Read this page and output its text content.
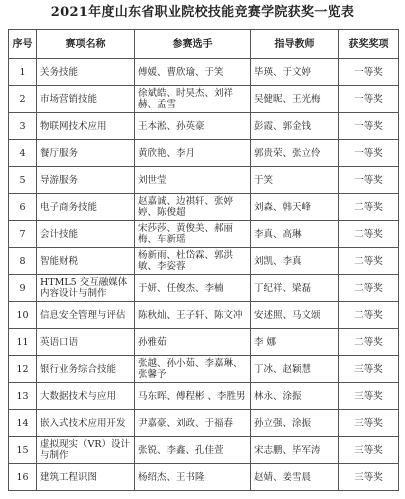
2021年度山东省职业院校技能竞赛学院获奖一览表
序号	赛项名称	参赛选手	指导教师	获奖奖项
1	关务技能	傅媛、曹欣瑜、于笑	毕瑛、于文婷	一等奖
2	市场营销技能	徐斌皓、时昊杰、刘祥赫、孟雪	吴健昵、王光梅	一等奖
3	物联网技术应用	王本淞、孙英豪	彭霞、郭金钱	一等奖
4	餐厅服务	黄欣艳、李月	郭贵荣、张立伶	一等奖
5	导游服务	刘世莹	于笑	一等奖
6	电子商务技能	赵嘉诚、边祺轩、张婷婷、陈俊超	刘森、韩天峰	二等奖
7	会计技能	宋莎莎、黄俊美、郝丽梅、车新瑶	李真、高琳	二等奖
8	智能财税	杨新雨、杜岱霖、郭洪敏、李姿蓉	刘凯、李真	二等奖
9	HTML5 交互融媒体内容设计与制作	于妍、任俊杰、李楠	丁纪祥、梁磊	二等奖
10	信息安全管理与评估	陈秋灿、王子轩、陈文冲	安述照、马文颂	二等奖
11	英语口语	孙雅茹	李 娜	二等奖
12	银行业务综合技能	张越、孙小茹、李嘉琳、张馨予	丁冰、赵颖慧	三等奖
13	大数据技术与应用	马东晖、傅程彬 、李胜男	林永、涂振	三等奖
14	嵌入式技术应用开发	尹嘉豪、刘政、于福春	孙立强、涂振	三等奖
15	虚拟现实（VR）设计与制作	张锐、李鑫、孔佳萱	宋志鹏、毕军涛	三等奖
16	建筑工程识图	杨绍杰、王书隆	赵婧、姜雪晨	三等奖
